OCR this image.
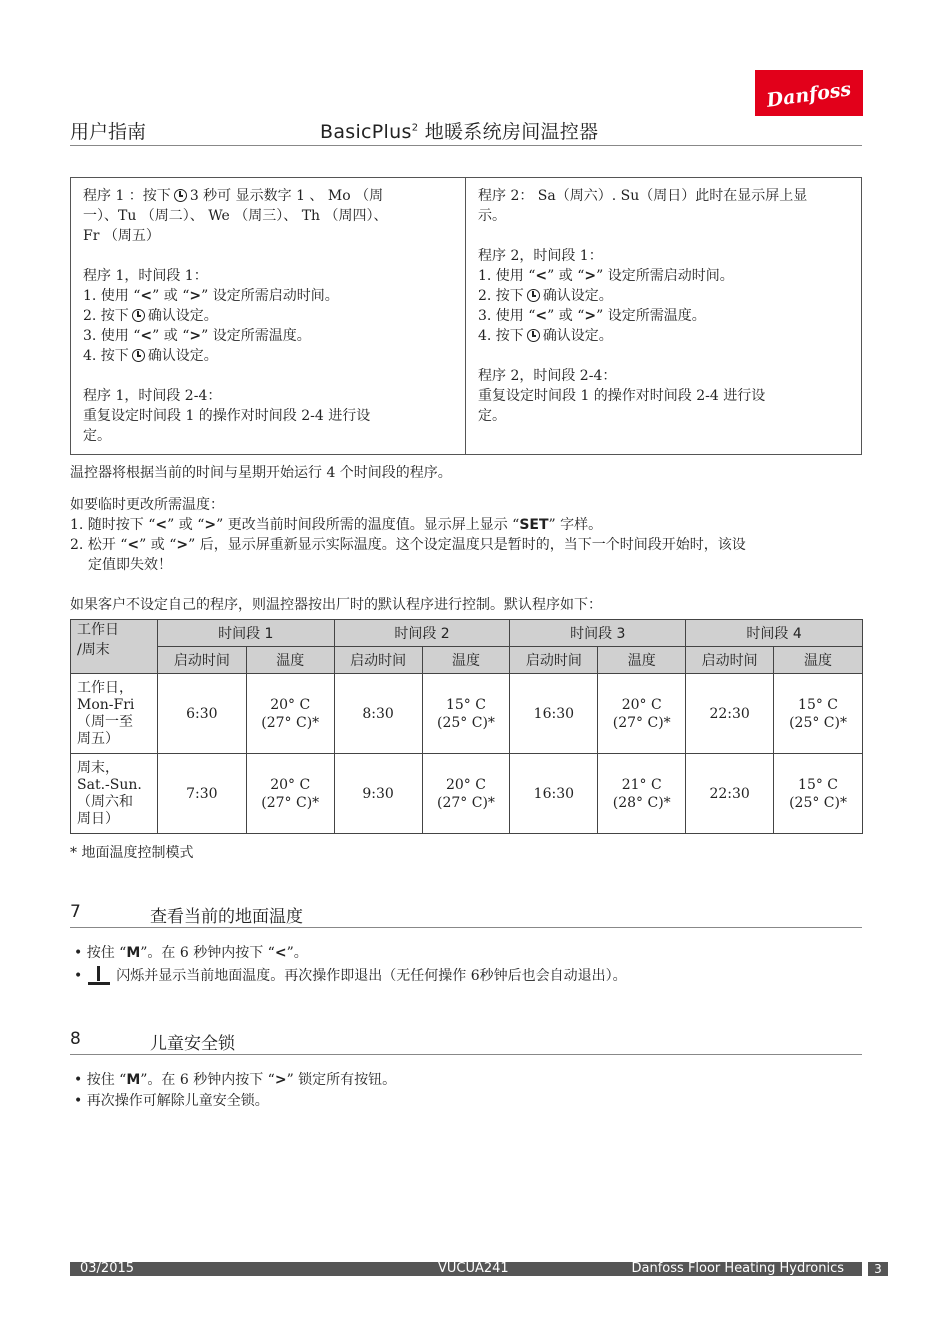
Danfoss
用户指南	BasicPlus$^2$ 地暖系统房间温控器

程序 1 ：按下 3 秒可 显示数字 1 、 Mo （周

一）、Tu （周二）、 We （周三）、 Th （周四）、

Fr （周五）

程序 1，时间段 1：

1. 使用 “<” 或 “>” 设定所需启动时间。

2. 按下 确认设定。

3. 使用 “<” 或 “>” 设定所需温度。

4. 按下 确认设定。

程序 1，时间段 2-4：

重复设定时间段 1 的操作对时间段 2-4 进行设

定。

程序 2： Sa（周六）. Su（周日）此时在显示屏上显

示。

程序 2，时间段 1：

1. 使用 “<” 或 “>” 设定所需启动时间。

2. 按下 确认设定。

3. 使用 “<” 或 “>” 设定所需温度。

4. 按下 确认设定。

程序 2，时间段 2-4：

重复设定时间段 1 的操作对时间段 2-4 进行设

定。

温控器将根据当前的时间与星期开始运行 4 个时间段的程序。
如要临时更改所需温度：
1. 随时按下 “<” 或 “>” 更改当前时间段所需的温度值。显示屏上显示 “SET” 字样。
2. 松开 “<” 或 “>” 后，显示屏重新显示实际温度。这个设定温度只是暂时的，当下一个时间段开始时，该设
定值即失效！
如果客户不设定自己的程序，则温控器按出厂时的默认程序进行控制。默认程序如下：
工作日
/周末	时间段 1		时间段 2		时间段 3		时间段 4	
	启动时间	温度	启动时间	温度	启动时间	温度	启动时间	温度
工作日，
Mon-Fri
（周一至
周五）	6:30	20° C
(27° C)*	8:30	15° C
(25° C)*	16:30	20° C
(27° C)*	22:30	15° C
(25° C)*
周末，
Sat.-Sun.
（周六和
周日）	7:30	20° C
(27° C)*	9:30	20° C
(27° C)*	16:30	21° C
(28° C)*	22:30	15° C
(25° C)*
* 地面温度控制模式
7	查看当前的地面温度
• 按住 “M”。在 6 秒钟内按下 “<”。
• 闪烁并显示当前地面温度。再次操作即退出（无任何操作 6秒钟后也会自动退出）。
8	儿童安全锁
• 按住 “M”。在 6 秒钟内按下 “>” 锁定所有按钮。
• 再次操作可解除儿童安全锁。
03/2015	VUCUA241	Danfoss Floor Heating Hydronics	3
